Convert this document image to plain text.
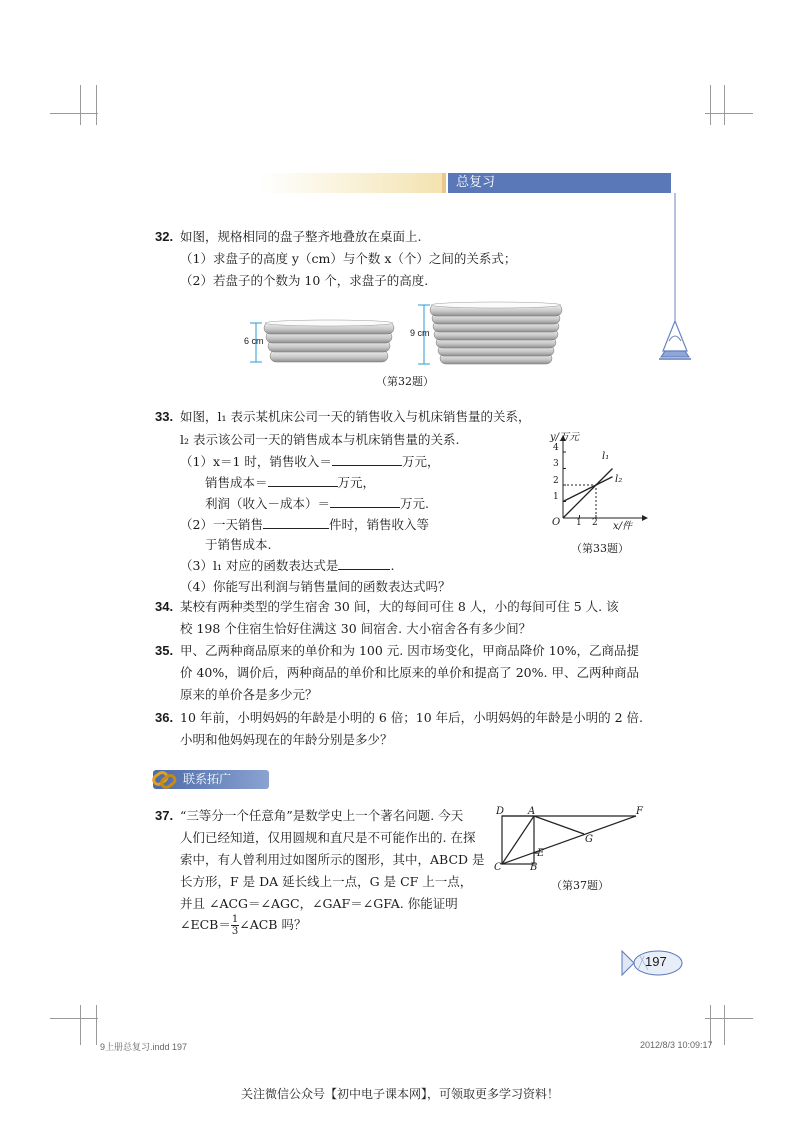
总复习
32. 如图，规格相同的盘子整齐地叠放在桌面上.
（1）求盘子的高度 y（cm）与个数 x（个）之间的关系式；
（2）若盘子的个数为 10 个，求盘子的高度.
6 cm
9 cm
（第32题）
33. 如图，l₁ 表示某机床公司一天的销售收入与机床销售量的关系，
l₂ 表示该公司一天的销售成本与机床销售量的关系.
（1）x＝1 时，销售收入＝	万元，
销售成本＝	万元，
利润（收入－成本）＝	万元.
（2）一天销售	件时，销售收入等
于销售成本.
（3）l₁ 对应的函数表达式是	.
（4）你能写出利润与销售量间的函数表达式吗？
y/万元
x/件
O 1 2
1
2
3
4
l₁
l₂
（第33题）
34. 某校有两种类型的学生宿舍 30 间，大的每间可住 8 人，小的每间可住 5 人. 该
校 198 个住宿生恰好住满这 30 间宿舍. 大小宿舍各有多少间？
35. 甲、乙两种商品原来的单价和为 100 元. 因市场变化，甲商品降价 10%，乙商品提
价 40%，调价后，两种商品的单价和比原来的单价和提高了 20%. 甲、乙两种商品
原来的单价各是多少元？
36. 10 年前，小明妈妈的年龄是小明的 6 倍；10 年后，小明妈妈的年龄是小明的 2 倍.
小明和他妈妈现在的年龄分别是多少？
联系拓广
37. “三等分一个任意角”是数学史上一个著名问题. 今天
人们已经知道，仅用圆规和直尺是不可能作出的. 在探
索中，有人曾利用过如图所示的图形，其中，ABCD 是
长方形，F 是 DA 延长线上一点，G 是 CF 上一点，
并且 ∠ACG＝∠AGC，∠GAF＝∠GFA. 你能证明
∠ECB＝ $\frac{1}{3}$ ∠ACB 吗？
D A	F
G
E
C	B
（第37题）
197
9上册总复习.indd 197	2012/8/3 10:09:17
关注微信公众号【初中电子课本网】，可领取更多学习资料！
